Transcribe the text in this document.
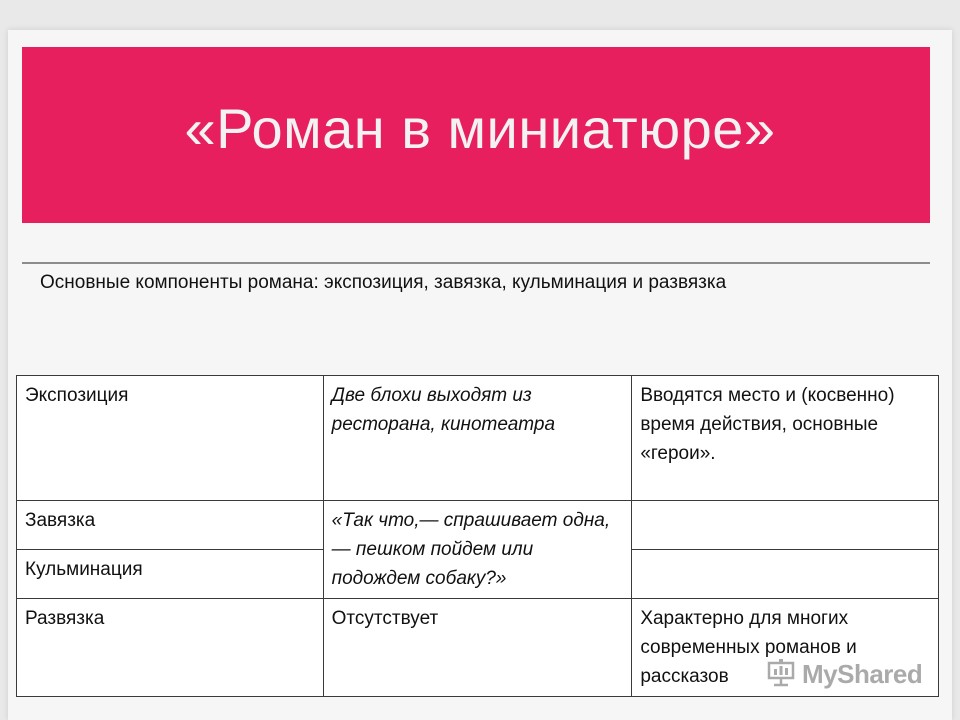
«Роман в миниатюре»
Основные компоненты романа: экспозиция, завязка, кульминация и развязка
Экспозиция	Две блохи выходят из ресторана, кинотеатра	Вводятся место и (косвенно) время действия, основные «герои».
Завязка	«Так что,— спрашивает одна,— пешком пойдем или подождем собаку?»	
Кульминация		
Развязка	Отсутствует	Характерно для многих современных романов и рассказов	MyShared
